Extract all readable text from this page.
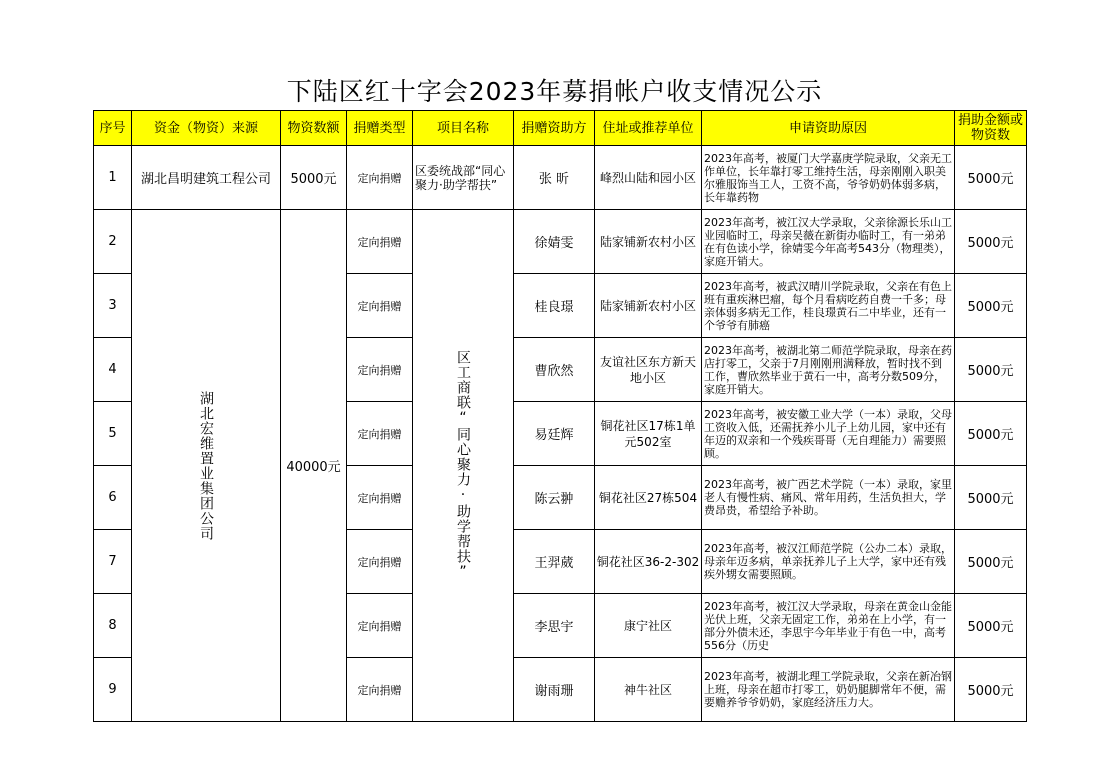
下陆区红十字会2023年募捐帐户收支情况公示
序号	资金（物资）来源	物资数额	捐赠类型	项目名称	捐赠资助方	住址或推荐单位	申请资助原因	捐助金额或物资数
1	湖北昌明建筑工程公司	5000元	定向捐赠	区委统战部“同心聚力·助学帮扶”	张 昕	峰烈山陆和园小区	2023年高考，被厦门大学嘉庚学院录取，父亲无工作单位，长年靠打零工维持生活，母亲刚刚入职美尔雅服饰当工人，工资不高，爷爷奶奶体弱多病，长年靠药物	5000元
2	湖北宏维置业集团公司	40000元	定向捐赠	区工商联“同心聚力·助学帮扶”	徐婧雯	陆家铺新农村小区	2023年高考，被江汉大学录取，父亲徐源长乐山工业园临时工，母亲吴薇在新街办临时工，有一弟弟在有色读小学，徐婧雯今年高考543分（物理类），家庭开销大。	5000元
3			定向捐赠		桂良璟	陆家铺新农村小区	2023年高考，被武汉晴川学院录取，父亲在有色上班有重疾淋巴瘤，每个月看病吃药自费一千多；母亲体弱多病无工作，桂良璟黄石二中毕业，还有一个爷爷有肺癌	5000元
4			定向捐赠		曹欣然	友谊社区东方新天地小区	2023年高考，被湖北第二师范学院录取，母亲在药店打零工，父亲于7月刚刚刑满释放，暂时找不到工作，曹欣然毕业于黄石一中，高考分数509分，家庭开销大。	5000元
5			定向捐赠		易廷辉	铜花社区17栋1单元502室	2023年高考，被安徽工业大学（一本）录取，父母工资收入低，还需抚养小儿子上幼儿园，家中还有年迈的双亲和一个残疾哥哥（无自理能力）需要照顾。	5000元
6			定向捐赠		陈云翀	铜花社区27栋504	2023年高考，被广西艺术学院（一本）录取，家里老人有慢性病、痛风、常年用药，生活负担大，学费昂贵，希望给予补助。	5000元
7			定向捐赠		王羿葳	铜花社区36-2-302	2023年高考，被汉江师范学院（公办二本）录取，母亲年迈多病，单亲抚养儿子上大学，家中还有残疾外甥女需要照顾。	5000元
8			定向捐赠		李思宇	康宁社区	2023年高考，被江汉大学录取，母亲在黄金山金能光伏上班，父亲无固定工作，弟弟在上小学，有一部分外债未还，李思宇今年毕业于有色一中，高考556分（历史	5000元
9			定向捐赠		谢雨珊	神牛社区	2023年高考，被湖北理工学院录取，父亲在新冶钢上班，母亲在超市打零工，奶奶腿脚常年不便，需要赡养爷爷奶奶，家庭经济压力大。	5000元
